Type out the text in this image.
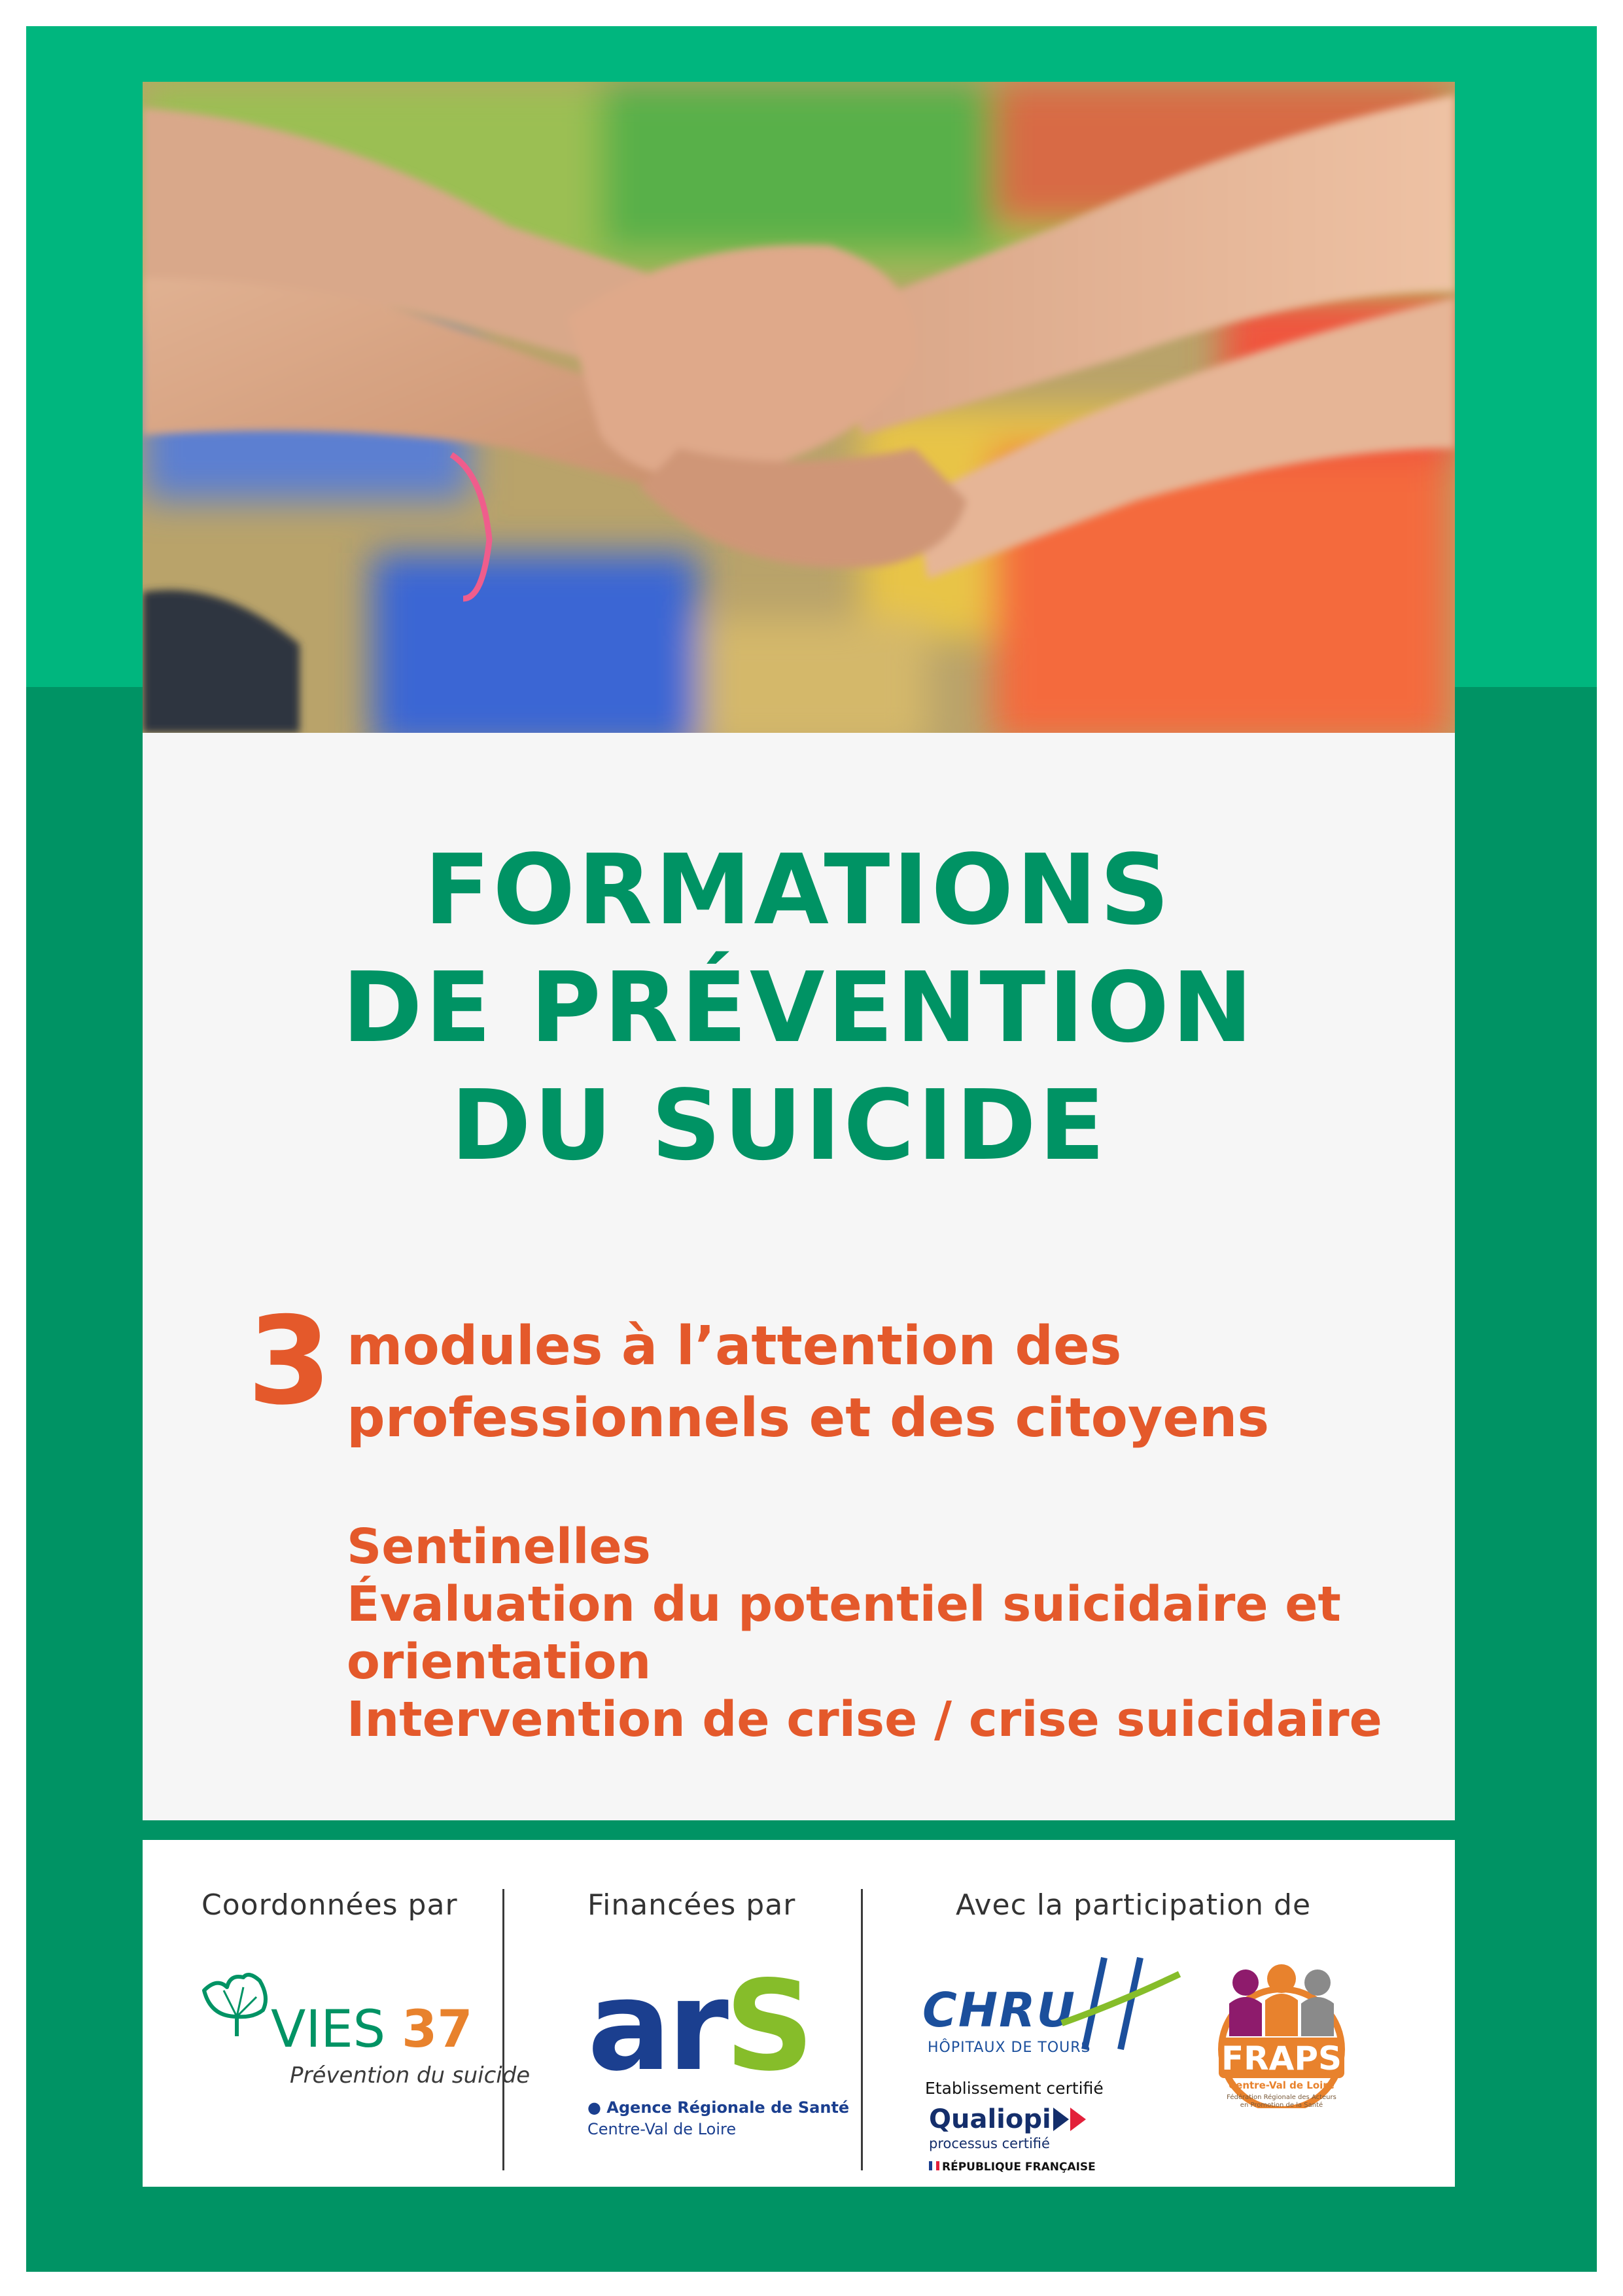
FORMATIONS
DE PRÉVENTION
DU SUICIDE
3 modules à l’attention des
professionnels et des citoyens
Sentinelles
Évaluation du potentiel suicidaire et
orientation
Intervention de crise / crise suicidaire
Coordonnées par	Financées par	Avec la participation de
VIES 37
Prévention du suicide arS
● Agence Régionale de Santé
Centre-Val de Loire
CHRU
HÔPITAUX DE TOURS
Etablissement certifié
Qualiopi
processus certifié
RÉPUBLIQUE FRANÇAISE
FRAPS
Centre-Val de Loire
Fédération Régionale des Acteurs en Promotion de la Santé
